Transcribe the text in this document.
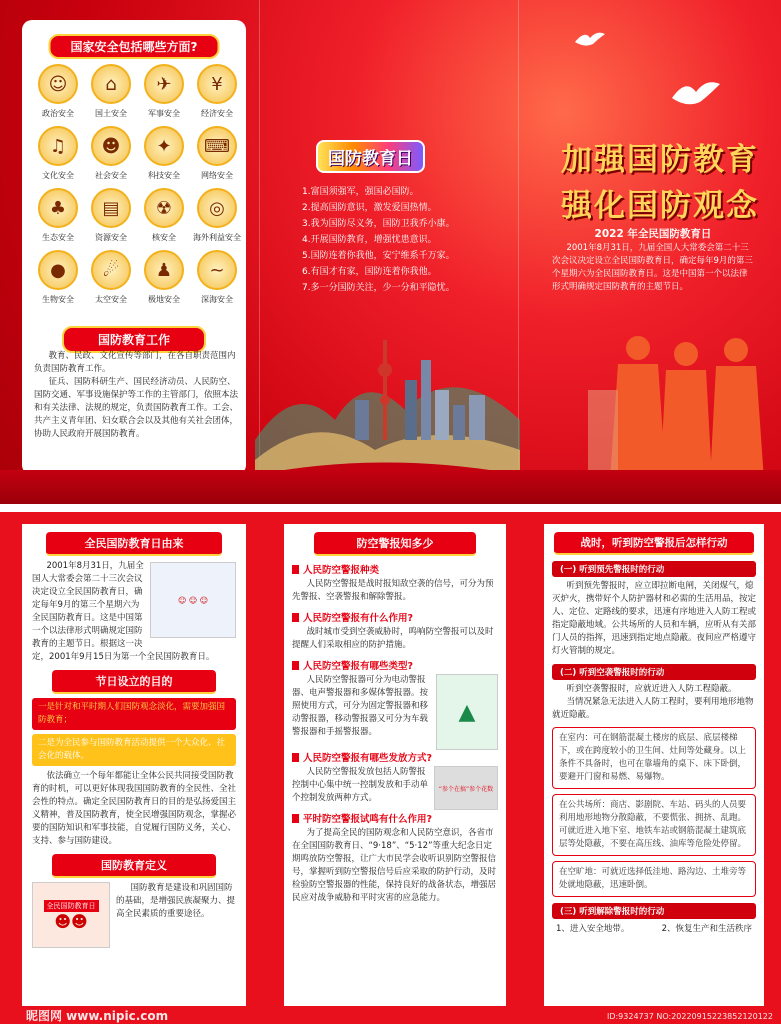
国家安全包括哪些方面?
☺
政治安全
⌂
国土安全
✈
军事安全
¥
经济安全
♫
文化安全
☻
社会安全
✦
科技安全
⌨
网络安全
♣
生态安全
▤
资源安全
☢
核安全
◎
海外利益安全
●
生物安全
☄
太空安全
♟
极地安全
~
深海安全
国防教育工作

教育、民政、文化宣传等部门，在各自职责范围内负责国防教育工作。

征兵、国防科研生产、国民经济动员、人民防空、国防交通、军事设施保护等工作的主管部门，依照本法和有关法律、法规的规定，负责国防教育工作。工会、共产主义青年团、妇女联合会以及其他有关社会团体，协助人民政府开展国防教育。

国防教育日
1.富国须强军，强国必国防。
2.提高国防意识，激发爱国热情。
3.我为国防尽义务，国防卫我乔小康。
4.开展国防教育，增强忧患意识。
5.国防连着你我他，安宁维系千万家。
6.有国才有家，国防连着你我他。
7.多一分国防关注，少一分和平隐忧。
加强国防教育
强化国防观念
2022 年全民国防教育日
2001年8月31日，九届全国人大常委会第二十三次会议决定设立全民国防教育日，确定每年9月的第三个星期六为全民国防教育日。这是中国第一个以法律形式明确规定国防教育的主题节日。
全民国防教育日由来
☺ ☺ ☺

2001年8月31日，九届全国人大常委会第二十三次会议决定设立全民国防教育日，确定每年9月的第三个星期六为全民国防教育日。这是中国第一个以法律形式明确规定国防教育的主题节日。根据这一决定，2001年9月15日为第一个全民国防教育日。

节日设立的目的
一是针对和平时期人们国防观念淡化，需要加强国防教育；
二是为全民参与国防教育活动提供一个大众化、社会化的载体。

依法确立一个每年都能让全体公民共同接受国防教育的时机，可以更好体现我国国防教育的全民性、全社会性的特点。确定全民国防教育日的目的是弘扬爱国主义精神，普及国防教育，使全民增强国防观念，掌握必要的国防知识和军事技能，自觉履行国防义务，关心、支持、参与国防建设。

国防教育定义
全民国防教育日
☻☻

国防教育是建设和巩固国防的基础，是增强民族凝聚力、提高全民素质的重要途径。

防空警报知多少
人民防空警报种类

人民防空警报是战时报知敌空袭的信号，可分为预先警报、空袭警报和解除警报。

人民防空警报有什么作用?

战时城市受到空袭威胁时，鸣响防空警报可以及时提醒人们采取相应的防护措施。

人民防空警报有哪些类型?
▲

人民防空警报器可分为电动警报器、电声警报器和多媒体警报器。按照使用方式，可分为固定警报器和移动警报器，移动警报器又可分为车载警报器和手摇警报器。

人民防空警报有哪些发放方式?
“参个在搞”参个花数

人民防空警报发放包括人防警报控制中心集中统一控制发放和手动单个控制发放两种方式。

平时防空警报试鸣有什么作用?

为了提高全民的国防观念和人民防空意识，各省市在全国国防教育日、“9·18”、“5·12”等重大纪念日定期鸣放防空警报，让广大市民学会收听识别防空警报信号，掌握听到防空警报信号后应采取的防护行动，及时检验防空警报器的性能，保持良好的战备状态，增强居民应对战争威胁和平时灾害的应急能力。

战时，听到防空警报后怎样行动
(一) 听到预先警报时的行动

听到预先警报时，应立即拉断电闸，关闭煤气，熄灭炉火，携带好个人防护器材和必需的生活用品，按定人、定位、定路线的要求，迅速有序地进入人防工程或指定隐蔽地域。公共场所的人员和车辆，应听从有关部门人员的指挥，迅速到指定地点隐蔽。夜间应严格遵守灯火管制的规定。

(二) 听到空袭警报时的行动

听到空袭警报时，应就近进入人防工程隐蔽。

当情况紧急无法进入人防工程时，要利用地形地物就近隐蔽。

在室内：可在钢筋混凝土楼房的底层、底层楼梯下，或在跨度较小的卫生间、灶间等处藏身。以上条件不具备时，也可在靠墙角的桌下、床下卧倒，要避开门窗和易燃、易爆物。
在公共场所：商店、影剧院、车站、码头的人员要利用地形地物分散隐蔽，不要慌张、拥挤、乱跑。可就近进入地下室、地铁车站或钢筋混凝土建筑底层等处隐蔽，不要在高压线、油库等危险处停留。
在空旷地：可就近选择低洼地、路沟边、土堆旁等处就地隐蔽，迅速卧倒。
(三) 听到解除警报时的行动
1、进入安全地带。	2、恢复生产和生活秩序
昵图网 www.nipic.com	ID:9324737 NO:20220915223852120122
